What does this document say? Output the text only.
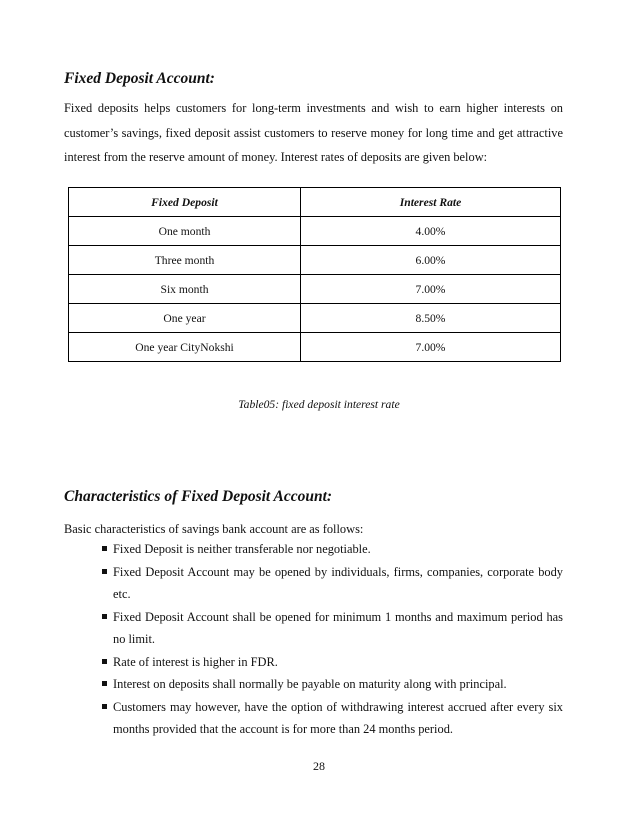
Fixed Deposit Account:
Fixed deposits helps customers for long-term investments and wish to earn higher interests on customer’s savings, fixed deposit assist customers to reserve money for long time and get attractive interest from the reserve amount of money. Interest rates of deposits are given below:
Fixed Deposit	Interest Rate
One month	4.00%
Three month	6.00%
Six month	7.00%
One year	8.50%
One year CityNokshi	7.00%
Table05: fixed deposit interest rate
Characteristics of Fixed Deposit Account:
Basic characteristics of savings bank account are as follows:
Fixed Deposit is neither transferable nor negotiable.
Fixed Deposit Account may be opened by individuals, firms, companies, corporate body etc.
Fixed Deposit Account shall be opened for minimum 1 months and maximum period has no limit.
Rate of interest is higher in FDR.
Interest on deposits shall normally be payable on maturity along with principal.
Customers may however, have the option of withdrawing interest accrued after every six months provided that the account is for more than 24 months period.
28
